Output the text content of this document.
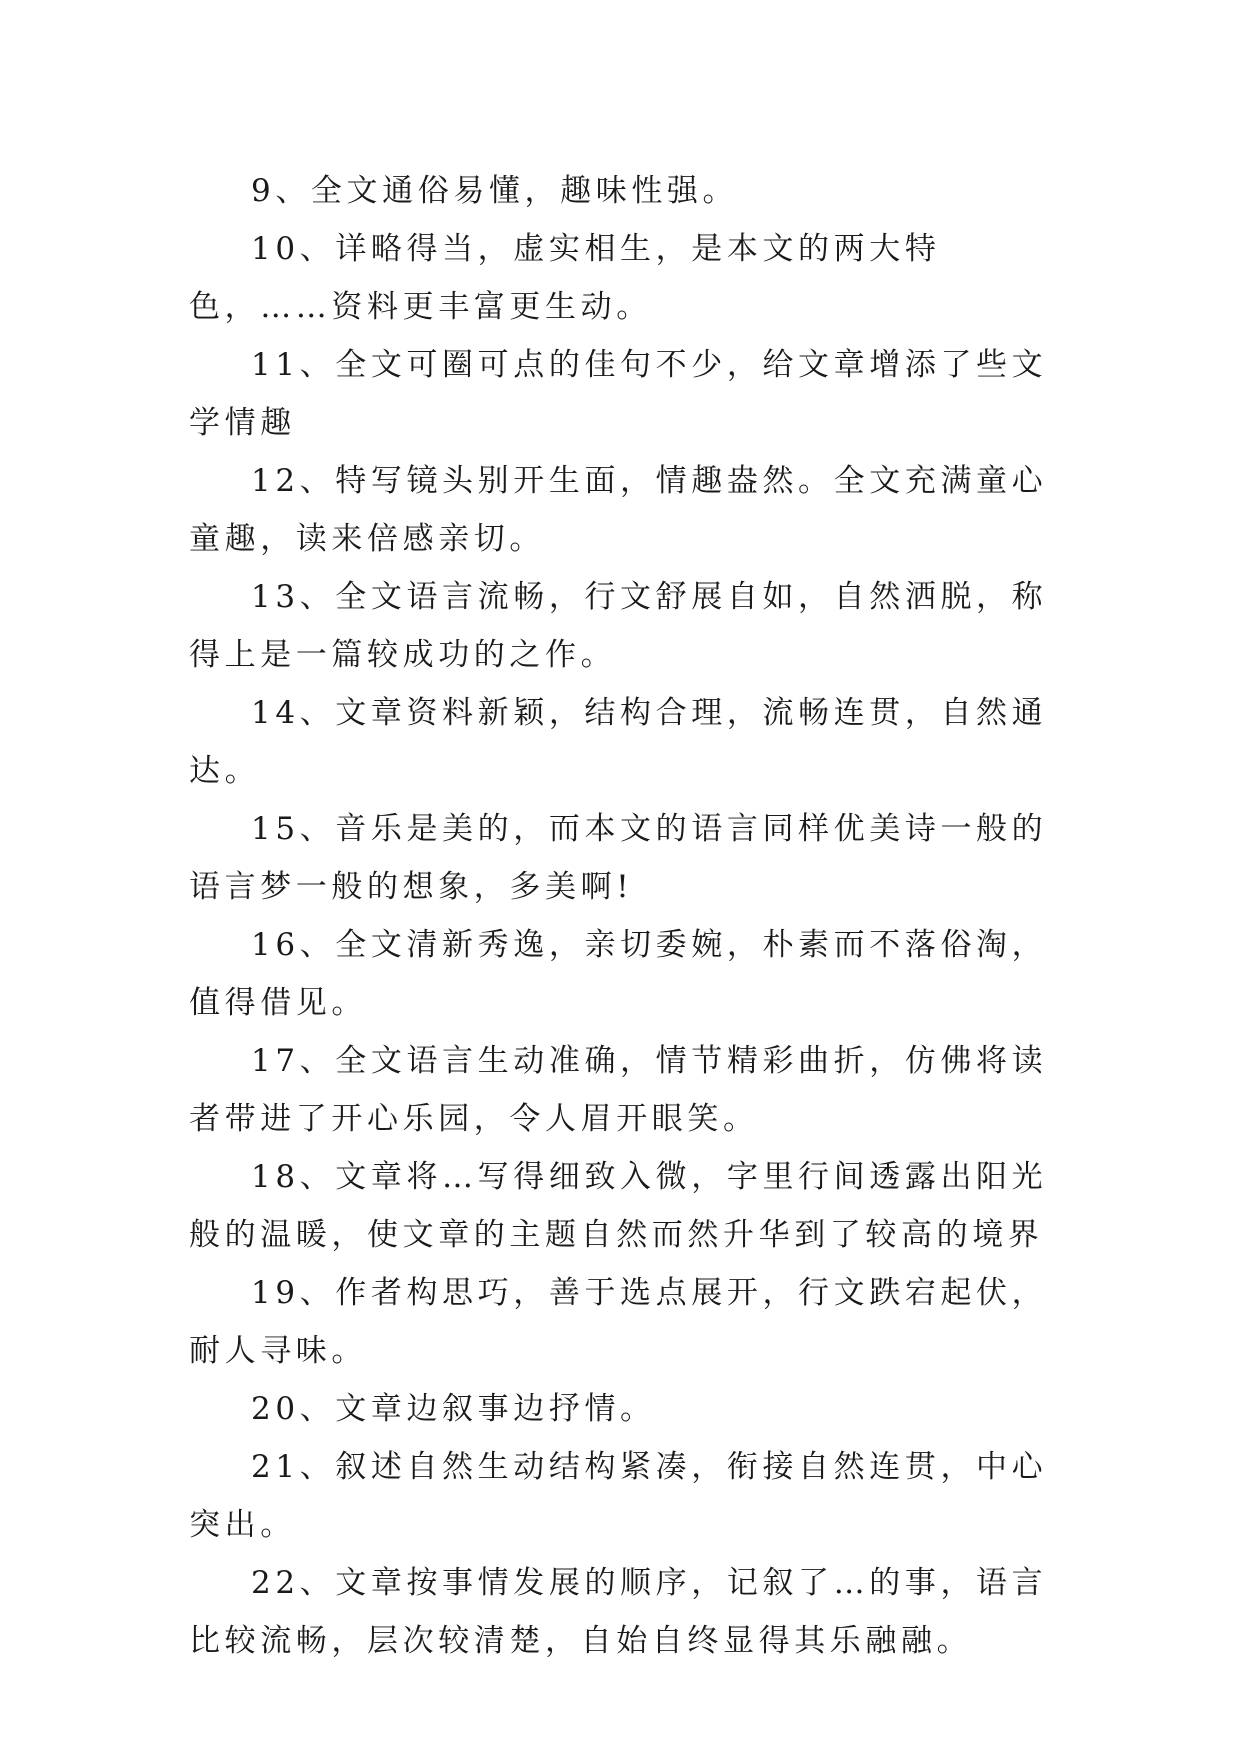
9、全文通俗易懂，趣味性强。

10、详略得当，虚实相生，是本文的两大特色，……资料更丰富更生动。

11、全文可圈可点的佳句不少，给文章增添了些文学情趣

12、特写镜头别开生面，情趣盎然。全文充满童心童趣，读来倍感亲切。

13、全文语言流畅，行文舒展自如，自然洒脱，称得上是一篇较成功的之作。

14、文章资料新颖，结构合理，流畅连贯，自然通达。

15、音乐是美的，而本文的语言同样优美诗一般的语言梦一般的想象，多美啊!

16、全文清新秀逸，亲切委婉，朴素而不落俗淘，值得借见。

17、全文语言生动准确，情节精彩曲折，仿佛将读者带进了开心乐园，令人眉开眼笑。

18、文章将…写得细致入微，字里行间透露出阳光般的温暖，使文章的主题自然而然升华到了较高的境界

19、作者构思巧，善于选点展开，行文跌宕起伏，耐人寻味。

20、文章边叙事边抒情。

21、叙述自然生动结构紧凑，衔接自然连贯，中心突出。

22、文章按事情发展的顺序，记叙了…的事，语言比较流畅，层次较清楚，自始自终显得其乐融融。
